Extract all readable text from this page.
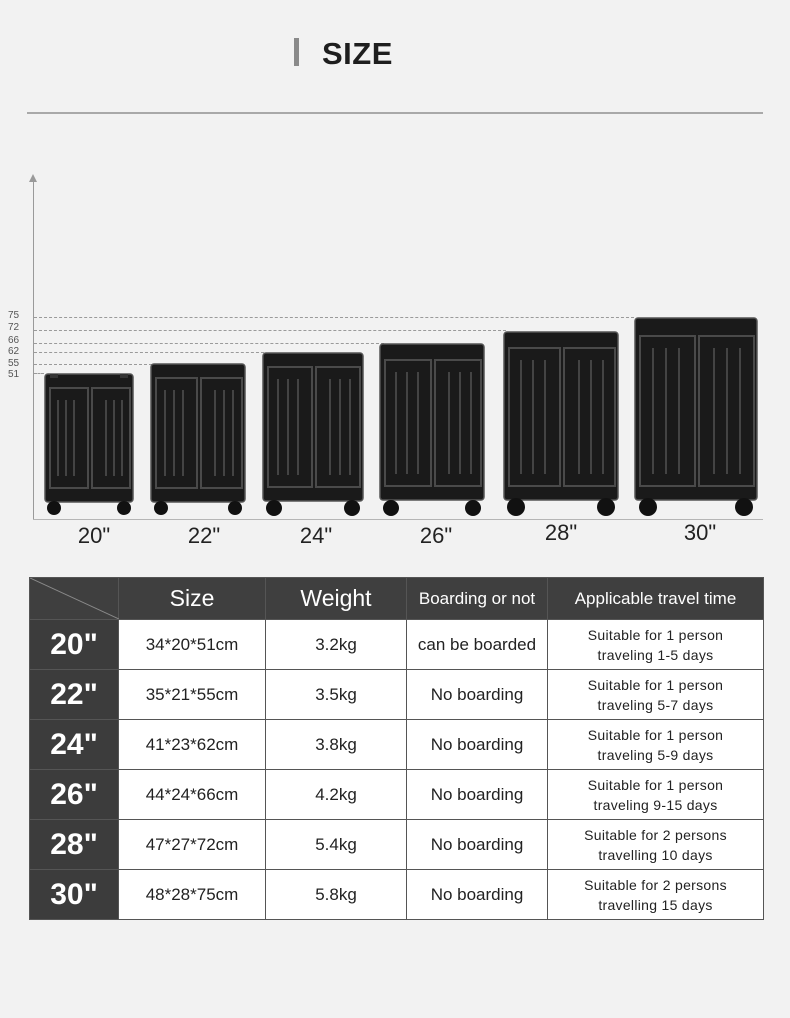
SIZE
75
72
66
62
55
51
20"	22"	24"	26"	28"	30"
	Size	Weight	Boarding or not	Applicable travel time
20"	34*20*51cm	3.2kg	can be boarded	Suitable for 1 person
traveling 1-5 days

22"	35*21*55cm	3.5kg	No boarding	Suitable for 1 person
traveling 5-7 days

24"	41*23*62cm	3.8kg	No boarding	Suitable for 1 person
traveling 5-9 days

26"	44*24*66cm	4.2kg	No boarding	Suitable for 1 person
traveling 9-15 days

28"	47*27*72cm	5.4kg	No boarding	Suitable for 2 persons
travelling 10 days

30"	48*28*75cm	5.8kg	No boarding	Suitable for 2 persons
travelling 15 days
